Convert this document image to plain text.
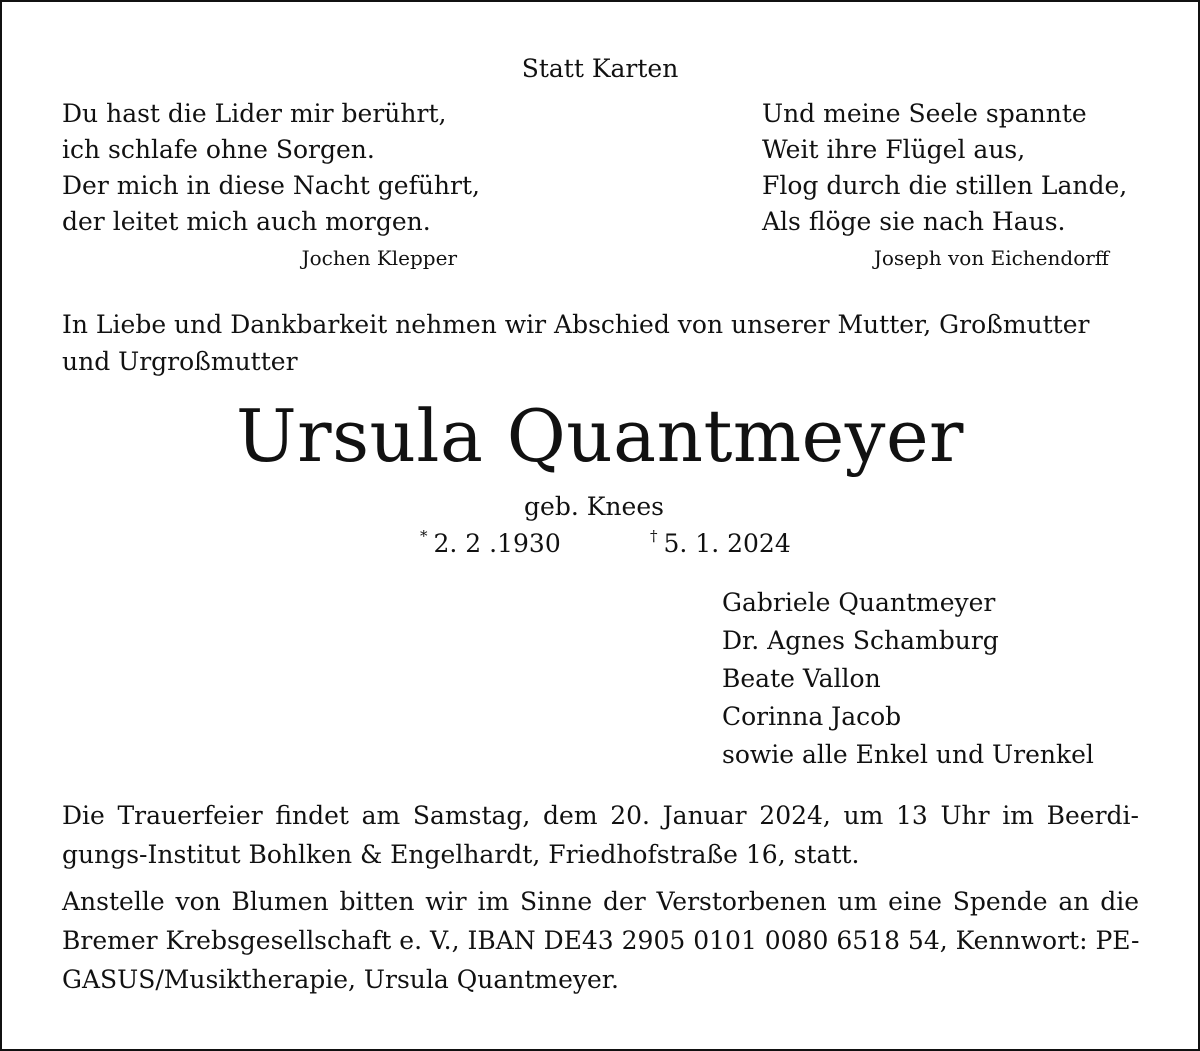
Statt Karten
Du hast die Lider mir berührt,
ich schlafe ohne Sorgen.
Der mich in diese Nacht geführt,
der leitet mich auch morgen.
Jochen Klepper
Und meine Seele spannte
Weit ihre Flügel aus,
Flog durch die stillen Lande,
Als flöge sie nach Haus.
Joseph von Eichendorff
In Liebe und Dankbarkeit nehmen wir Abschied von unserer Mutter, Großmutter
und Urgroßmutter
Ursula Quantmeyer
geb. Knees
* 2. 2 .1930	† 5. 1. 2024
Gabriele Quantmeyer
Dr. Agnes Schamburg
Beate Vallon
Corinna Jacob
sowie alle Enkel und Urenkel
Die Trauerfeier findet am Samstag, dem 20. Januar 2024, um 13 Uhr im Beerdi-
gungs-Institut Bohlken & Engelhardt, Friedhofstraße 16, statt.
Anstelle von Blumen bitten wir im Sinne der Verstorbenen um eine Spende an die
Bremer Krebsgesellschaft e. V., IBAN DE43 2905 0101 0080 6518 54, Kennwort: PE-
GASUS/Musiktherapie, Ursula Quantmeyer.
